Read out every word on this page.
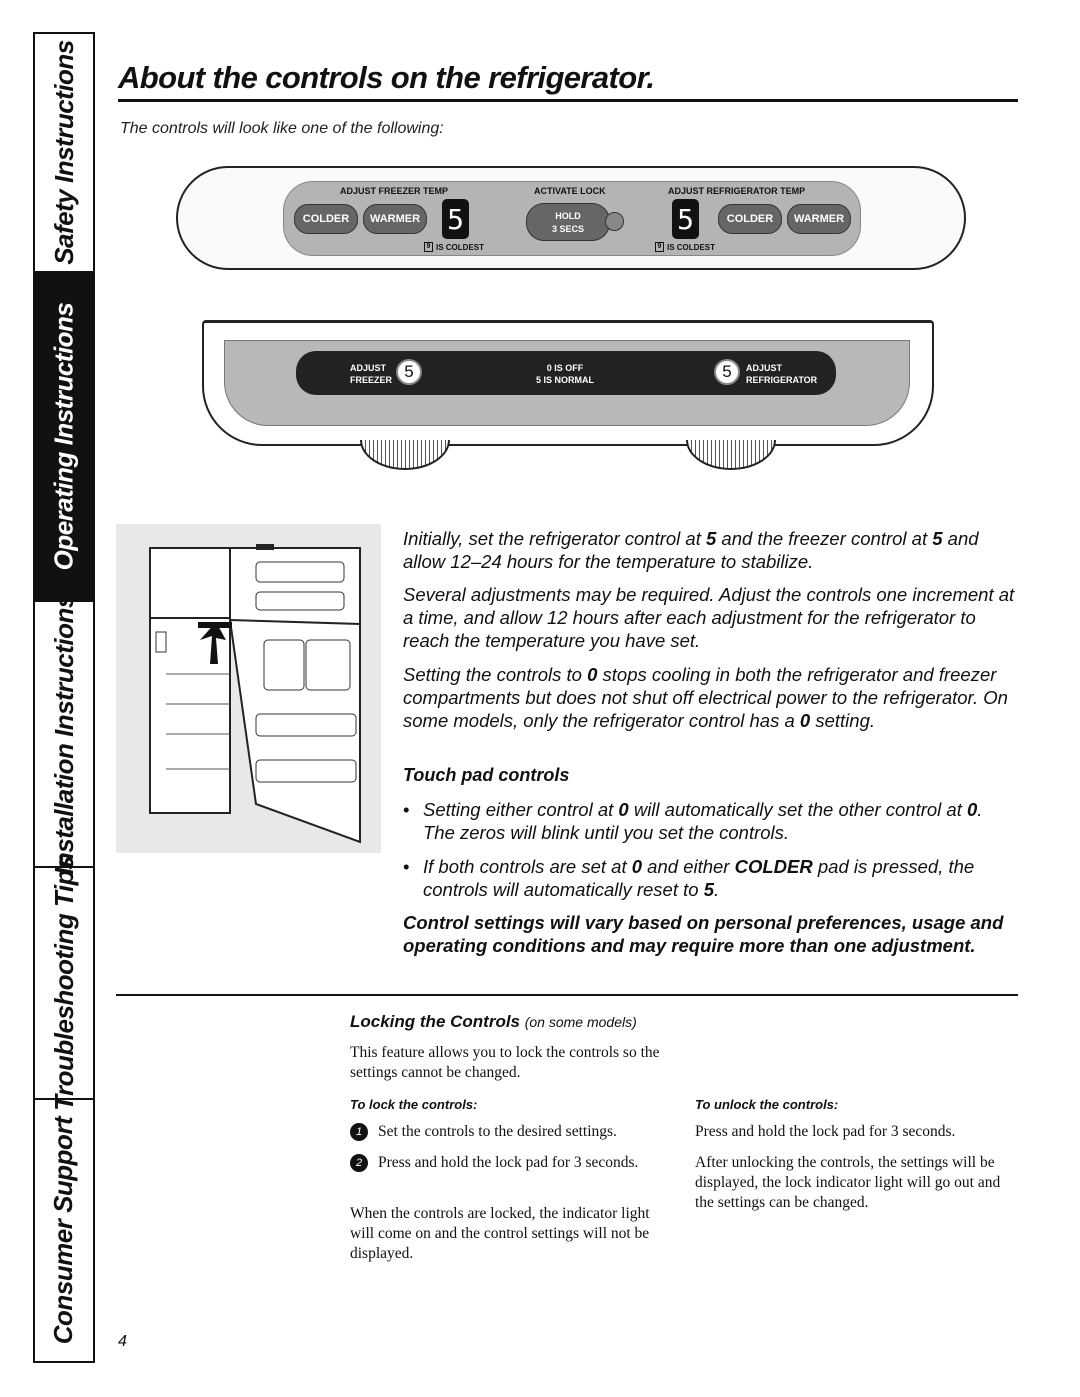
Safety Instructions
Operating Instructions
Installation Instructions
Troubleshooting Tips
Consumer Support
About the controls on the refrigerator.
The controls will look like one of the following:
ADJUST FREEZER TEMP	ACTIVATE LOCK	ADJUST REFRIGERATOR TEMP
COLDER	WARMER 5
9 IS COLDEST
HOLD
3 SECS	5	COLDER	WARMER
9 IS COLDEST
ADJUST
FREEZER 5	0 IS OFF
5 IS NORMAL	5	ADJUST
REFRIGERATOR
Initially, set the refrigerator control at 5 and the freezer control at 5 and allow 12–24 hours for the temperature to stabilize.
Several adjustments may be required. Adjust the controls one increment at a time, and allow 12 hours after each adjustment for the refrigerator to reach the temperature you have set.
Setting the controls to 0 stops cooling in both the refrigerator and freezer compartments but does not shut off electrical power to the refrigerator. On some models, only the refrigerator control has a 0 setting.
Touch pad controls
• Setting either control at 0 will automatically set the other control at 0. The zeros will blink until you set the controls.
• If both controls are set at 0 and either COLDER pad is pressed, the controls will automatically reset to 5.
Control settings will vary based on personal preferences, usage and operating conditions and may require more than one adjustment.
Locking the Controls (on some models)
This feature allows you to lock the controls so the settings cannot be changed.
To lock the controls:
1	Set the controls to the desired settings.
2	Press and hold the lock pad for 3 seconds.
When the controls are locked, the indicator light will come on and the control settings will not be displayed.
To unlock the controls:
Press and hold the lock pad for 3 seconds.
After unlocking the controls, the settings will be displayed, the lock indicator light will go out and the settings can be changed.
4
